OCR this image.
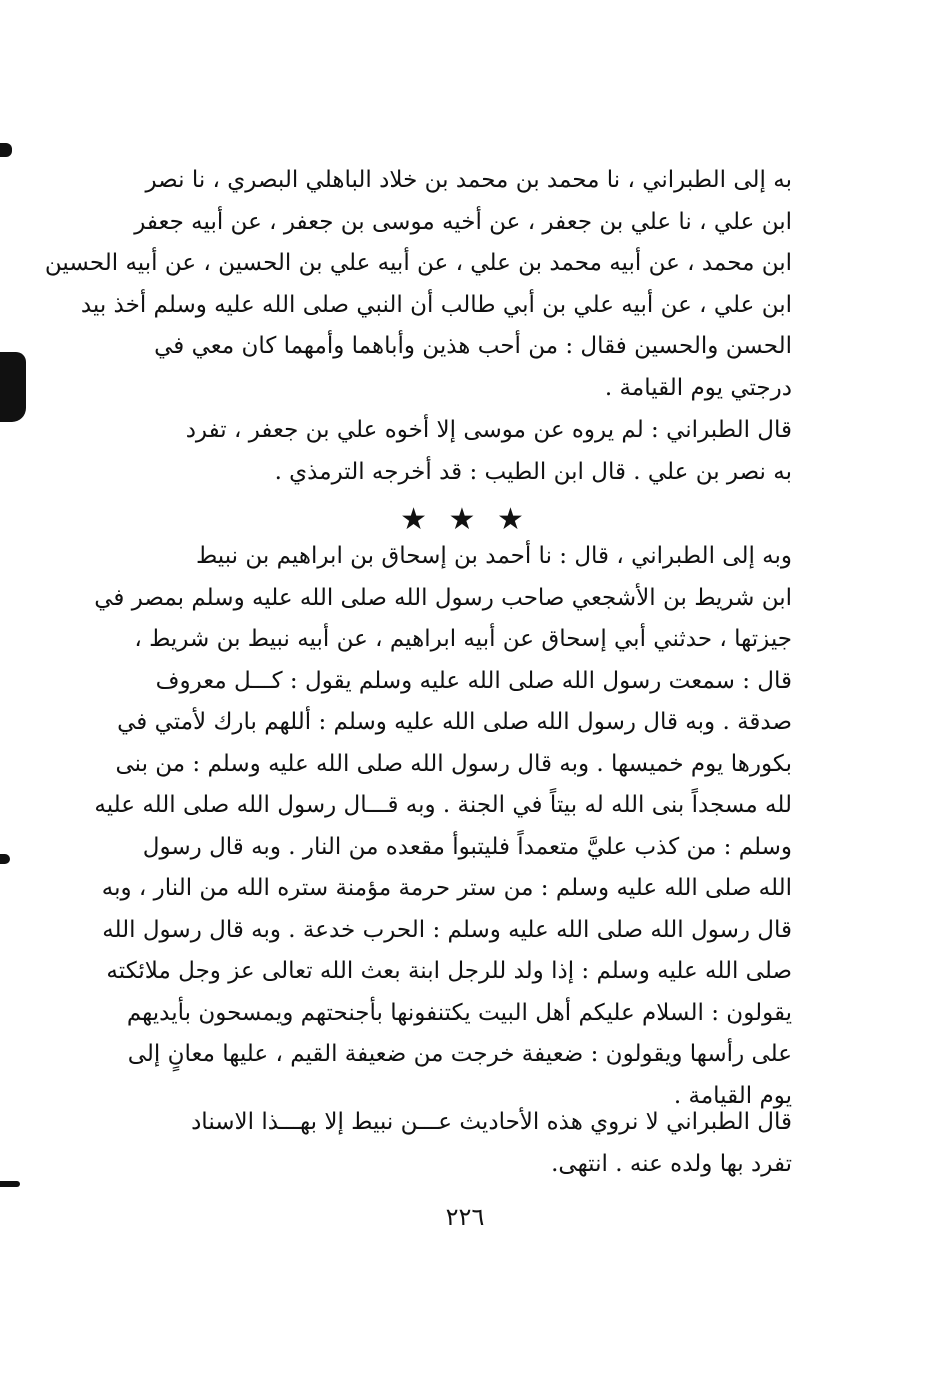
به إلى الطبراني ، نا محمد بن محمد بن خلاد الباهلي البصري ، نا نصر
ابن علي ، نا علي بن جعفر ، عن أخيه موسى بن جعفر ، عن أبيه جعفر
ابن محمد ، عن أبيه محمد بن علي ، عن أبيه علي بن الحسين ، عن أبيه الحسين
ابن علي ، عن أبيه علي بن أبي طالب أن النبي صلى الله عليه وسلم أخذ بيد
الحسن والحسين فقال : من أحب هذين وأباهما وأمهما كان معي في
درجتي يوم القيامة .
قال الطبراني : لم يروه عن موسى إلا أخوه علي بن جعفر ، تفرد
به نصر بن علي . قال ابن الطيب : قد أخرجه الترمذي .
★ ★ ★
وبه إلى الطبراني ، قال : نا أحمد بن إسحاق بن ابراهيم بن نبيط
ابن شريط بن الأشجعي صاحب رسول الله صلى الله عليه وسلم بمصر في
جيزتها ، حدثني أبي إسحاق عن أبيه ابراهيم ، عن أبيه نبيط بن شريط ،
قال : سمعت رسول الله صلى الله عليه وسلم يقول : كـــل معروف
صدقة . وبه قال رسول الله صلى الله عليه وسلم : أللهم بارك لأمتي في
بكورها يوم خميسها . وبه قال رسول الله صلى الله عليه وسلم : من بنى
لله مسجداً بنى الله له بيتاً في الجنة . وبه قـــال رسول الله صلى الله عليه
وسلم : من كذب عليَّ متعمداً فليتبوأ مقعده من النار . وبه قال رسول
الله صلى الله عليه وسلم : من ستر حرمة مؤمنة ستره الله من النار ، وبه
قال رسول الله صلى الله عليه وسلم : الحرب خدعة . وبه قال رسول الله
صلى الله عليه وسلم : إذا ولد للرجل ابنة بعث الله تعالى عز وجل ملائكته
يقولون : السلام عليكم أهل البيت يكتنفونها بأجنحتهم ويمسحون بأيديهم
على رأسها ويقولون : ضعيفة خرجت من ضعيفة القيم ، عليها معانٍ إلى
يوم القيامة .
قال الطبراني لا نروي هذه الأحاديث عـــن نبيط إلا بهـــذا الاسناد
تفرد بها ولده عنه . انتهى.
٢٢٦
